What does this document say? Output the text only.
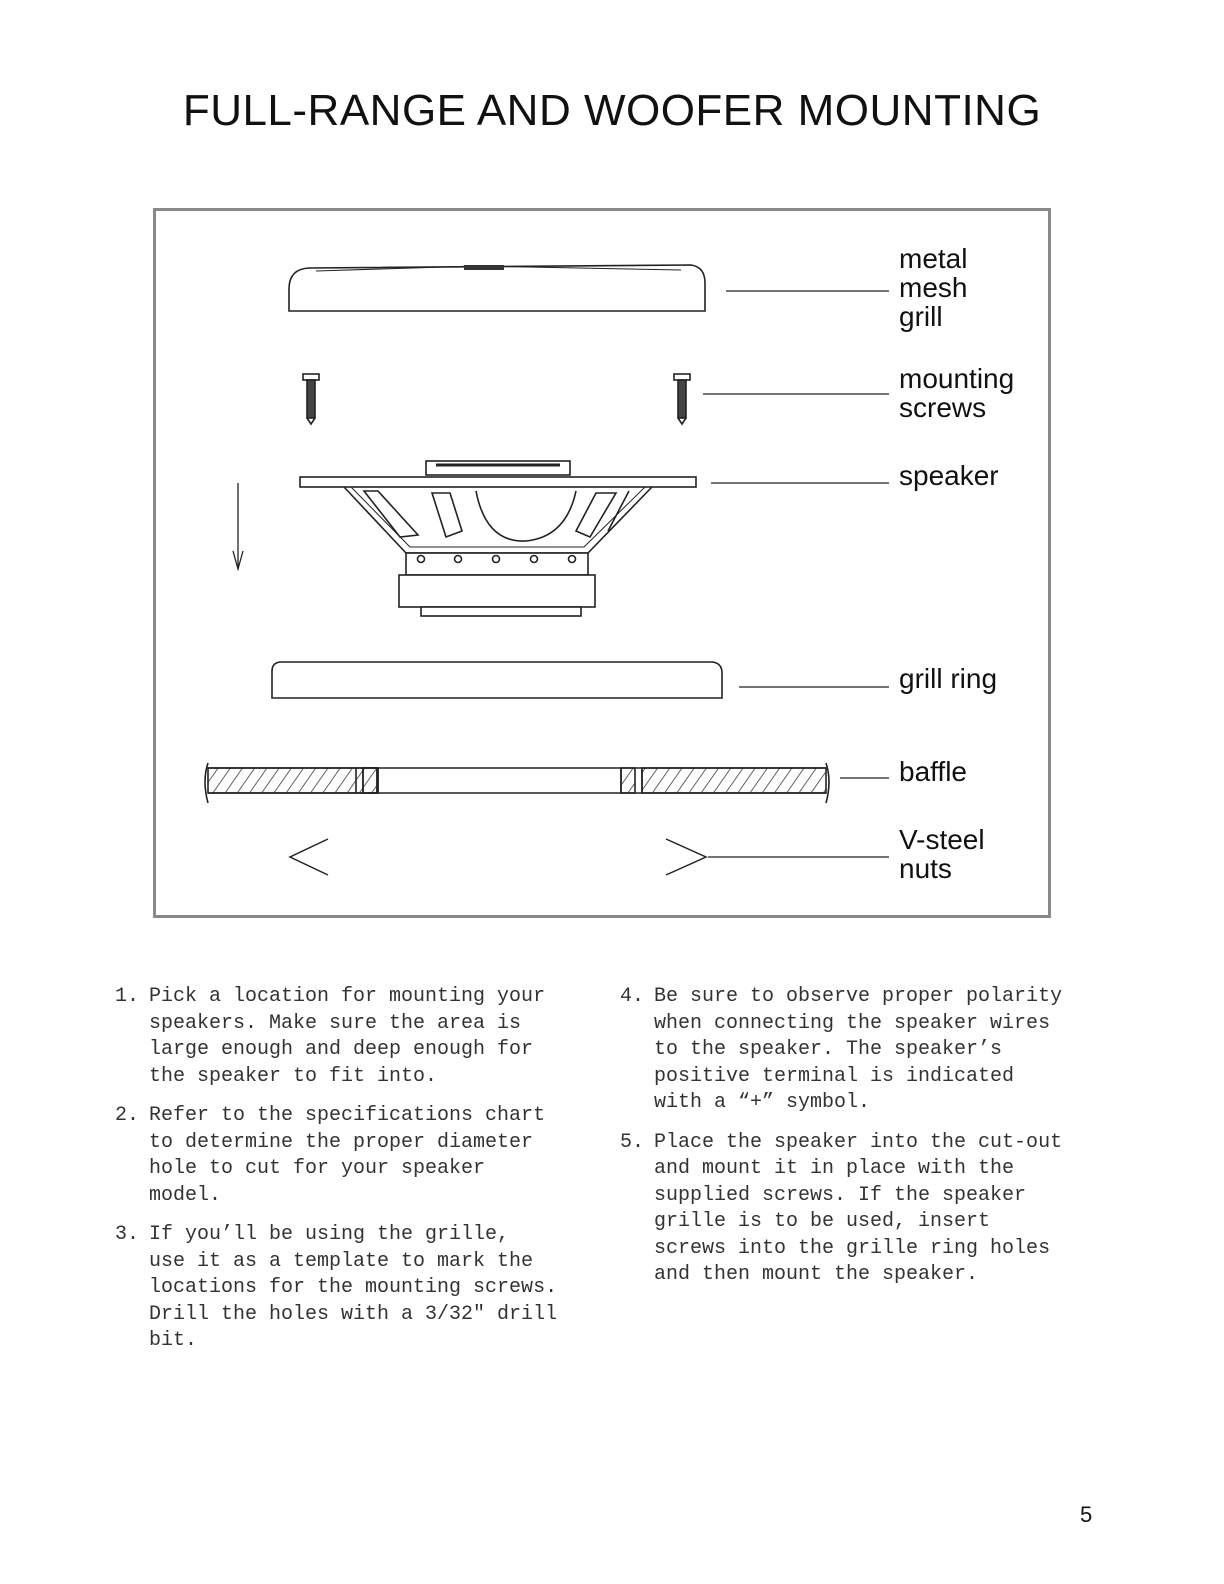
FULL-RANGE AND WOOFER MOUNTING
metal
mesh
grill
mounting
screws
speaker
grill ring
baffle
V-steel
nuts
1. Pick a location for mounting your
speakers. Make sure the area is
large enough and deep enough for
the speaker to fit into.
2. Refer to the specifications chart
to determine the proper diameter
hole to cut for your speaker
model.
3. If you’ll be using the grille,
use it as a template to mark the
locations for the mounting screws.
Drill the holes with a 3/32" drill
bit.
4. Be sure to observe proper polarity
when connecting the speaker wires
to the speaker. The speaker’s
positive terminal is indicated
with a “+” symbol.
5. Place the speaker into the cut-out
and mount it in place with the
supplied screws. If the speaker
grille is to be used, insert
screws into the grille ring holes
and then mount the speaker.
5
